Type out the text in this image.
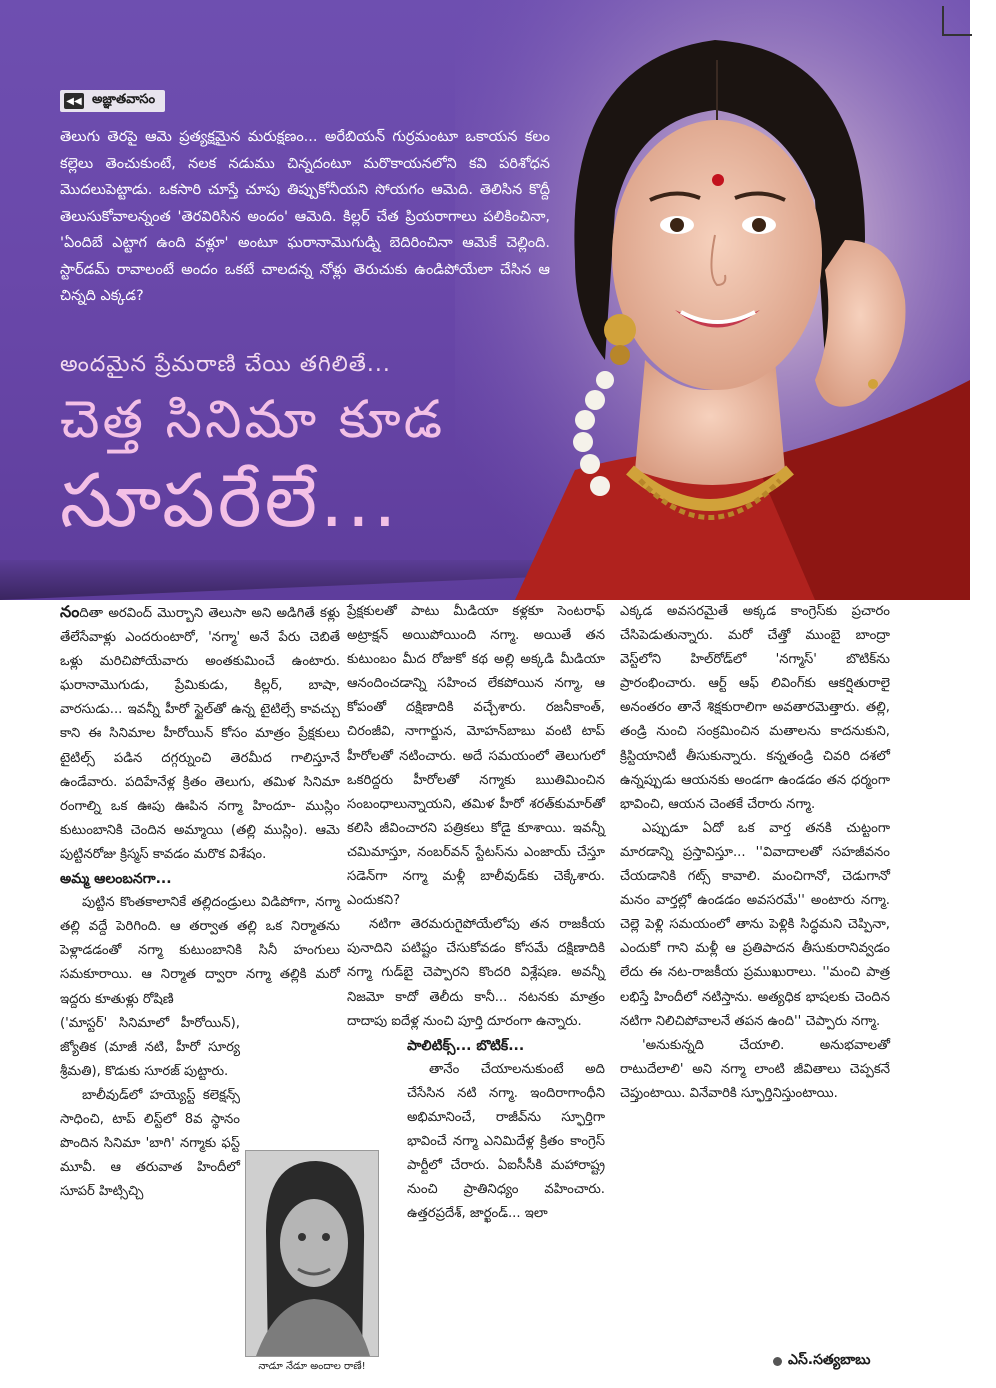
◀◀ అజ్ఞాతవాసం
తెలుగు తెరపై ఆమె ప్రత్యక్షమైన మరుక్షణం... అరేబియన్ గుర్రమంటూ ఒకాయన కలం కల్లెలు తెంచుకుంటే, నలక నడుము చిన్నదంటూ మరొకాయనలోని కవి పరిశోధన మొదలుపెట్టాడు. ఒకసారి చూస్తే చూపు తిప్పుకోనీయని సోయగం ఆమెది. తెలిసిన కొద్దీ తెలుసుకోవాలన్నంత 'తెరవిరిసిన అందం' ఆమెది. కిల్లర్ చేత ప్రియరాగాలు పలికించినా, 'ఏందిబే ఎట్టాగ ఉంది వళ్లూ' అంటూ ఘరానామొగుడ్ని బెదిరించినా ఆమెకే చెల్లింది. స్టార్‌డమ్ రావాలంటే అందం ఒకటే చాలదన్న నోళ్లు తెరుచుకు ఉండిపోయేలా చేసిన ఆ చిన్నది ఎక్కడ?
అందమైన ప్రేమరాణి చేయి తగిలితే...
చెత్త సినిమా కూడ
సూపరేలే...

నందితా అరవింద్ మొర్బాని తెలుసా అని అడిగితే కళ్లు తేలేసేవాళ్లు ఎందరుంటారో, 'నగ్మా' అనే పేరు చెబితే ఒళ్లు మరిచిపోయేవారు అంతకుమించే ఉంటారు. ఘరానామొగుడు, ప్రేమికుడు, కిల్లర్, బాషా, వారసుడు... ఇవన్నీ హీరో స్టైల్‌తో ఉన్న టైటిల్సే కావచ్చు కాని ఈ సినిమాల హీరోయిన్ కోసం మాత్రం ప్రేక్షకులు టైటిల్స్ పడిన దగ్గర్నుంచి తెరమీద గాలిస్తూనే ఉండేవారు. పదిహేనేళ్ల క్రితం తెలుగు, తమిళ సినిమా రంగాల్ని ఒక ఊపు ఊపిన నగ్మా హిందూ- ముస్లిం కుటుంబానికి చెందిన అమ్మాయి (తల్లి ముస్లిం). ఆమె పుట్టినరోజు క్రిస్మస్ కావడం మరొక విశేషం.

అమ్మ ఆలంబనగా...

పుట్టిన కొంతకాలానికే తల్లిదండ్రులు విడిపోగా, నగ్మా తల్లి వద్దే పెరిగింది. ఆ తర్వాత తల్లి ఒక నిర్మాతను పెళ్లాడడంతో నగ్మా కుటుంబానికి సినీ హంగులు సమకూరాయి. ఆ నిర్మాత ద్వారా నగ్మా తల్లికి మరో ఇద్దరు కూతుళ్లు రోషిణి

('మాస్టర్' సినిమాలో హీరోయిన్), జ్యోతిక (మాజీ నటి, హీరో సూర్య శ్రీమతి), కొడుకు సూరజ్ పుట్టారు.

బాలీవుడ్‌లో హయ్యెస్ట్ కలెక్షన్స్ సాధించి, టాప్ లిస్ట్‌లో 8వ స్థానం పొందిన సినిమా 'బాగి' నగ్మాకు ఫస్ట్ మూవీ. ఆ తరువాత హిందీలో సూపర్ హిట్సిచ్చి

ప్రేక్షకులతో పాటు మీడియా కళ్లకూ సెంటరాఫ్ అట్రాక్షన్ అయిపోయింది నగ్మా. అయితే తన కుటుంబం మీద రోజుకో కథ అల్లి అక్కడి మీడియా ఆనందించడాన్ని సహించ లేకపోయిన నగ్మా, ఆ కోపంతో దక్షిణాదికి వచ్చేశారు. రజనీకాంత్, చిరంజీవి, నాగార్జున, మోహన్‌బాబు వంటి టాప్ హీరోలతో నటించారు. అదే సమయంలో తెలుగులో ఒకరిద్దరు హీరోలతో నగ్మాకు ఋతిమించిన సంబంధాలున్నాయని, తమిళ హీరో శరత్‌కుమార్‌తో కలిసి జీవించారని పత్రికలు కోడై కూశాయి. ఇవన్నీ చమిమాస్తూ, నంబర్‌వన్ స్టేటస్‌ను ఎంజాయ్ చేస్తూ సడెన్‌గా నగ్మా మళ్లీ బాలీవుడ్‌కు చెక్కేశారు. ఎందుకని?

నటిగా తెరమరుగైపోయేలోపు తన రాజకీయ పునాదిని పటిష్టం చేసుకోవడం కోసమే దక్షిణాదికి నగ్మా గుడ్‌బై చెప్పారని కొందరి విశ్లేషణ. అవన్నీ నిజమో కాదో తెలీదు కానీ... నటనకు మాత్రం దాదాపు ఐదేళ్ల నుంచి పూర్తి దూరంగా ఉన్నారు.

పాలిటిక్స్... బొటిక్...

తానేం చేయాలనుకుంటే అది చేసేసిన నటి నగ్మా. ఇందిరాగాంధీని అభిమానించే, రాజీవ్‌ను స్ఫూర్తిగా భావించే నగ్మా ఎనిమిదేళ్ల క్రితం కాంగ్రెస్ పార్టీలో చేరారు. ఏఐసీసీకి మహారాష్ట్ర నుంచి ప్రాతినిధ్యం వహించారు. ఉత్తరప్రదేశ్, జార్ఖండ్... ఇలా

ఎక్కడ అవసరమైతే అక్కడ కాంగ్రెస్‌కు ప్రచారం చేసిపెడుతున్నారు. మరో చేత్తో ముంబై బాంద్రా వెస్ట్‌లోని హిల్‌రోడ్‌లో 'నగ్మాస్' బొటిక్‌ను ప్రారంభించారు. ఆర్ట్ ఆఫ్ లివింగ్‌కు ఆకర్షితురాలై అనంతరం తానే శిక్షకురాలిగా అవతారమెత్తారు. తల్లి, తండ్రి నుంచి సంక్రమించిన మతాలను కాదనుకుని, క్రిస్టియానిటీ తీసుకున్నారు. కన్నతండ్రి చివరి దశలో ఉన్నప్పుడు ఆయనకు అండగా ఉండడం తన ధర్మంగా భావించి, ఆయన చెంతకే చేరారు నగ్మా.

ఎప్పుడూ ఏదో ఒక వార్త తనకి చుట్టంగా మారడాన్ని ప్రస్తావిస్తూ... ''వివాదాలతో సహజీవనం చేయడానికి గట్స్ కావాలి. మంచిగానో, చెడుగానో మనం వార్తల్లో ఉండడం అవసరమే'' అంటారు నగ్మా. చెల్లె పెళ్లి సమయంలో తాను పెళ్లికి సిద్ధమని చెప్పినా, ఎందుకో గాని మళ్లీ ఆ ప్రతిపాదన తీసుకురానివ్వడం లేదు ఈ నట-రాజకీయ ప్రముఖురాలు. ''మంచి పాత్ర లభిస్తే హిందీలో నటిస్తాను. అత్యధిక భాషలకు చెందిన నటిగా నిలిచిపోవాలనే తపన ఉంది'' చెప్పారు నగ్మా.

'అనుకున్నది చేయాలి. అనుభవాలతో రాటుదేలాలి' అని నగ్మా లాంటి జీవితాలు చెప్పకనే చెప్తుంటాయి. వినేవారికి స్ఫూర్తినిస్తుంటాయి.

నాడూ నేడూ అందాల రాణే!	ఎస్.సత్యబాబు
